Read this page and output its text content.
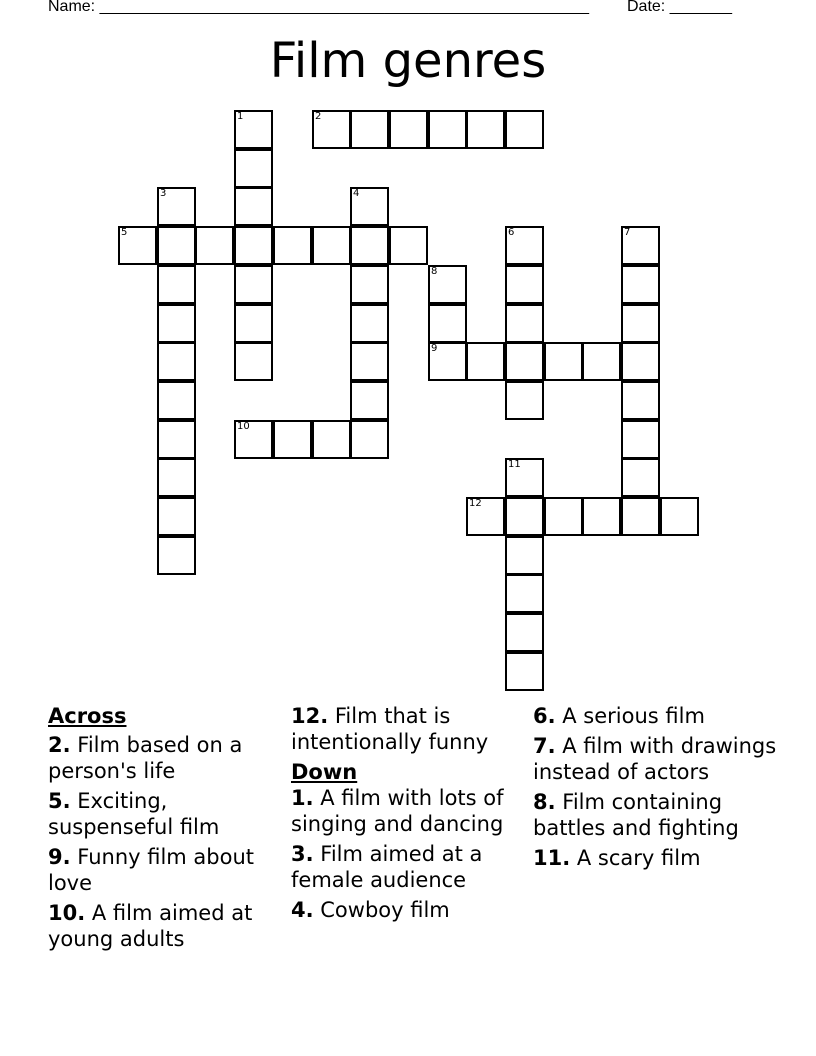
Name: _______________________________________________________ Date: _______
Film genres
1	2
3	4
5	6	7
8
9
10
11
12
Across
2. Film based on a person's life
5. Exciting, suspenseful film
9. Funny film about love
10. A film aimed at young adults
12. Film that is intentionally funny
Down
1. A film with lots of singing and dancing
3. Film aimed at a female audience
4. Cowboy film
6. A serious film
7. A film with drawings instead of actors
8. Film containing battles and fighting
11. A scary film
